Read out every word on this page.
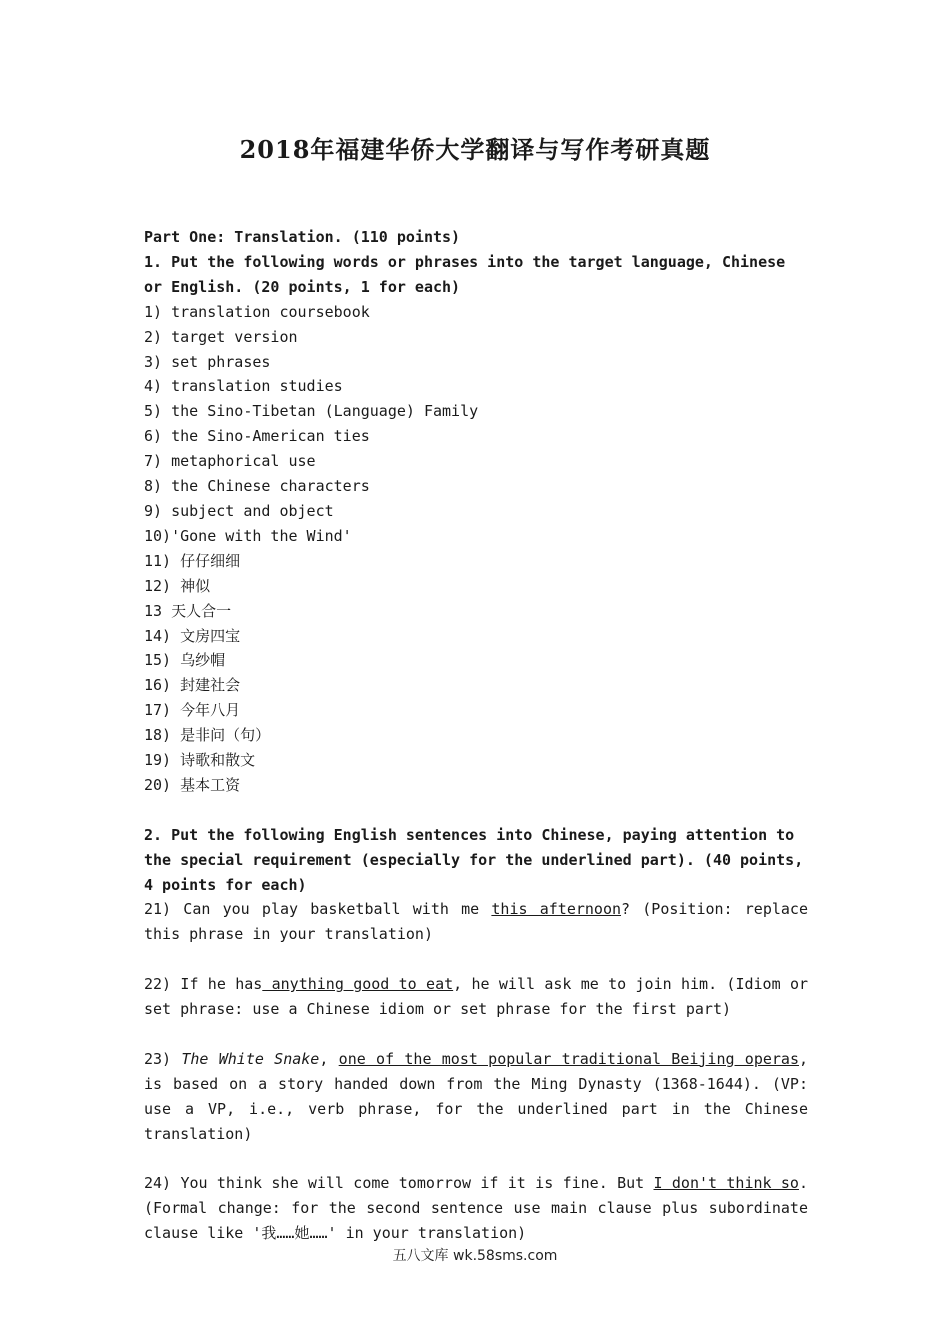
2018年福建华侨大学翻译与写作考研真题
Part One: Translation. (110 points)
1. Put the following words or phrases into the target language, Chinese or English. (20 points, 1 for each)
1) translation coursebook
2) target version
3) set phrases
4) translation studies
5) the Sino-Tibetan (Language) Family
6) the Sino-American ties
7) metaphorical use
8) the Chinese characters
9) subject and object
10)'Gone with the Wind'
11) 仔仔细细
12) 神似
13 天人合一
14) 文房四宝
15) 乌纱帽
16) 封建社会
17) 今年八月
18) 是非问（句）
19) 诗歌和散文
20) 基本工资
2. Put the following English sentences into Chinese, paying attention to the special requirement (especially for the underlined part). (40 points, 4 points for each)
21) Can you play basketball with me this afternoon? (Position: replace this phrase in your translation)
22) If he has anything good to eat, he will ask me to join him. (Idiom or set phrase: use a Chinese idiom or set phrase for the first part)
23) The White Snake, one of the most popular traditional Beijing operas, is based on a story handed down from the Ming Dynasty (1368-1644). (VP: use a VP, i.e., verb phrase, for the underlined part in the Chinese translation)
24) You think she will come tomorrow if it is fine. But I don't think so. (Formal change: for the second sentence use main clause plus subordinate clause like '我……她……' in your translation)
五八文库 wk.58sms.com
